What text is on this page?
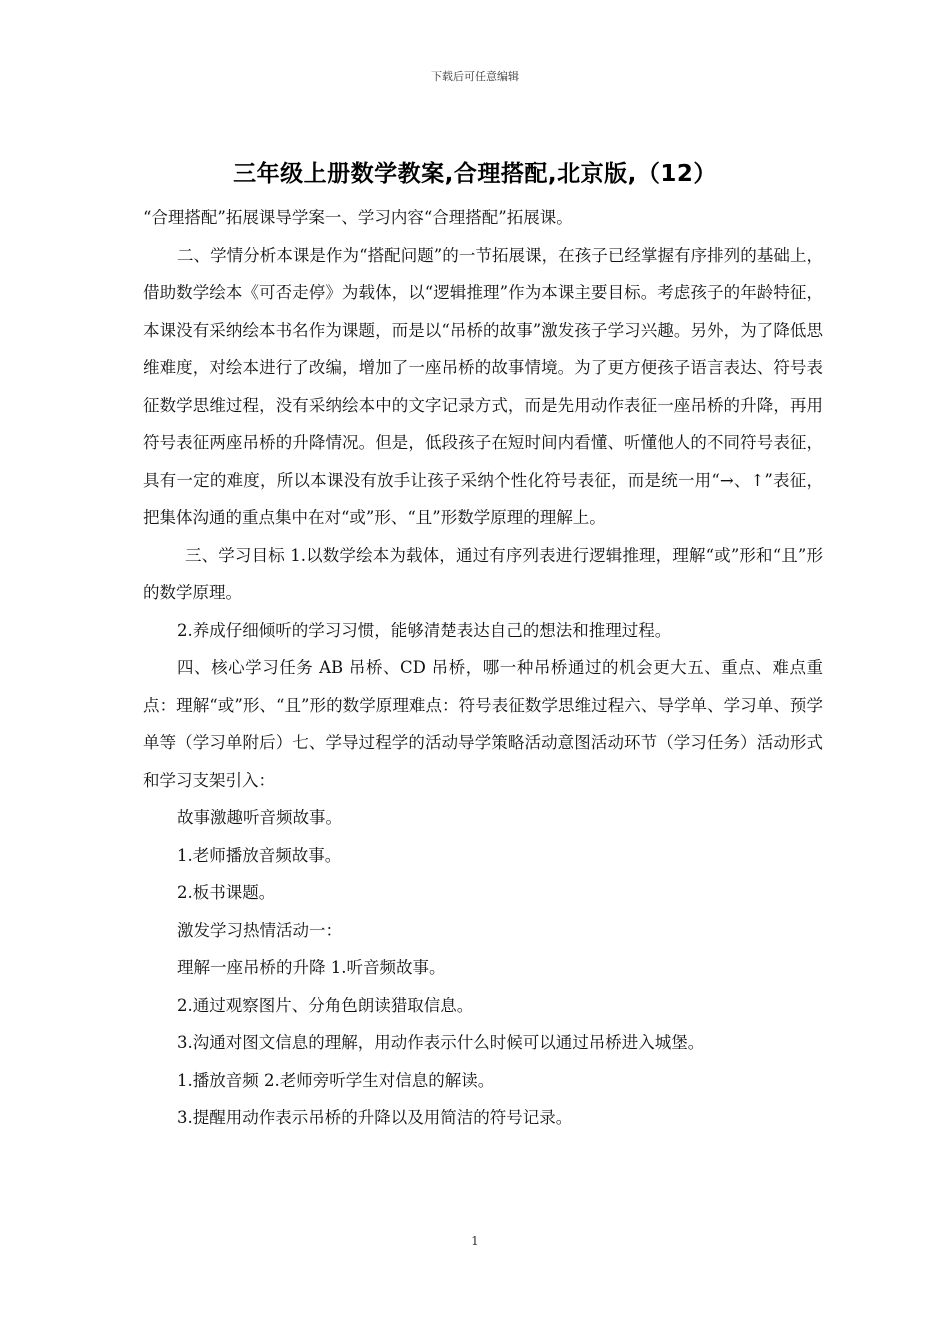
下载后可任意编辑
三年级上册数学教案,合理搭配,北京版,（12）

“合理搭配”拓展课导学案一、学习内容“合理搭配”拓展课。

二、学情分析本课是作为“搭配问题”的一节拓展课，在孩子已经掌握有序排列的基础上，借助数学绘本《可否走停》为载体，以“逻辑推理”作为本课主要目标。考虑孩子的年龄特征，本课没有采纳绘本书名作为课题，而是以“吊桥的故事”激发孩子学习兴趣。另外，为了降低思维难度，对绘本进行了改编，增加了一座吊桥的故事情境。为了更方便孩子语言表达、符号表征数学思维过程，没有采纳绘本中的文字记录方式，而是先用动作表征一座吊桥的升降，再用符号表征两座吊桥的升降情况。但是，低段孩子在短时间内看懂、听懂他人的不同符号表征，具有一定的难度，所以本课没有放手让孩子采纳个性化符号表征，而是统一用“→、↑”表征，把集体沟通的重点集中在对“或”形、“且”形数学原理的理解上。

三、学习目标 1.以数学绘本为载体，通过有序列表进行逻辑推理，理解“或”形和“且”形的数学原理。

2.养成仔细倾听的学习习惯，能够清楚表达自己的想法和推理过程。

四、核心学习任务 AB 吊桥、CD 吊桥，哪一种吊桥通过的机会更大五、重点、难点重点：理解“或”形、“且”形的数学原理难点：符号表征数学思维过程六、导学单、学习单、预学单等（学习单附后）七、学导过程学的活动导学策略活动意图活动环节（学习任务）活动形式和学习支架引入：

故事激趣听音频故事。

1.老师播放音频故事。

2.板书课题。

激发学习热情活动一：

理解一座吊桥的升降 1.听音频故事。

2.通过观察图片、分角色朗读猎取信息。

3.沟通对图文信息的理解，用动作表示什么时候可以通过吊桥进入城堡。

1.播放音频 2.老师旁听学生对信息的解读。

3.提醒用动作表示吊桥的升降以及用简洁的符号记录。

1
